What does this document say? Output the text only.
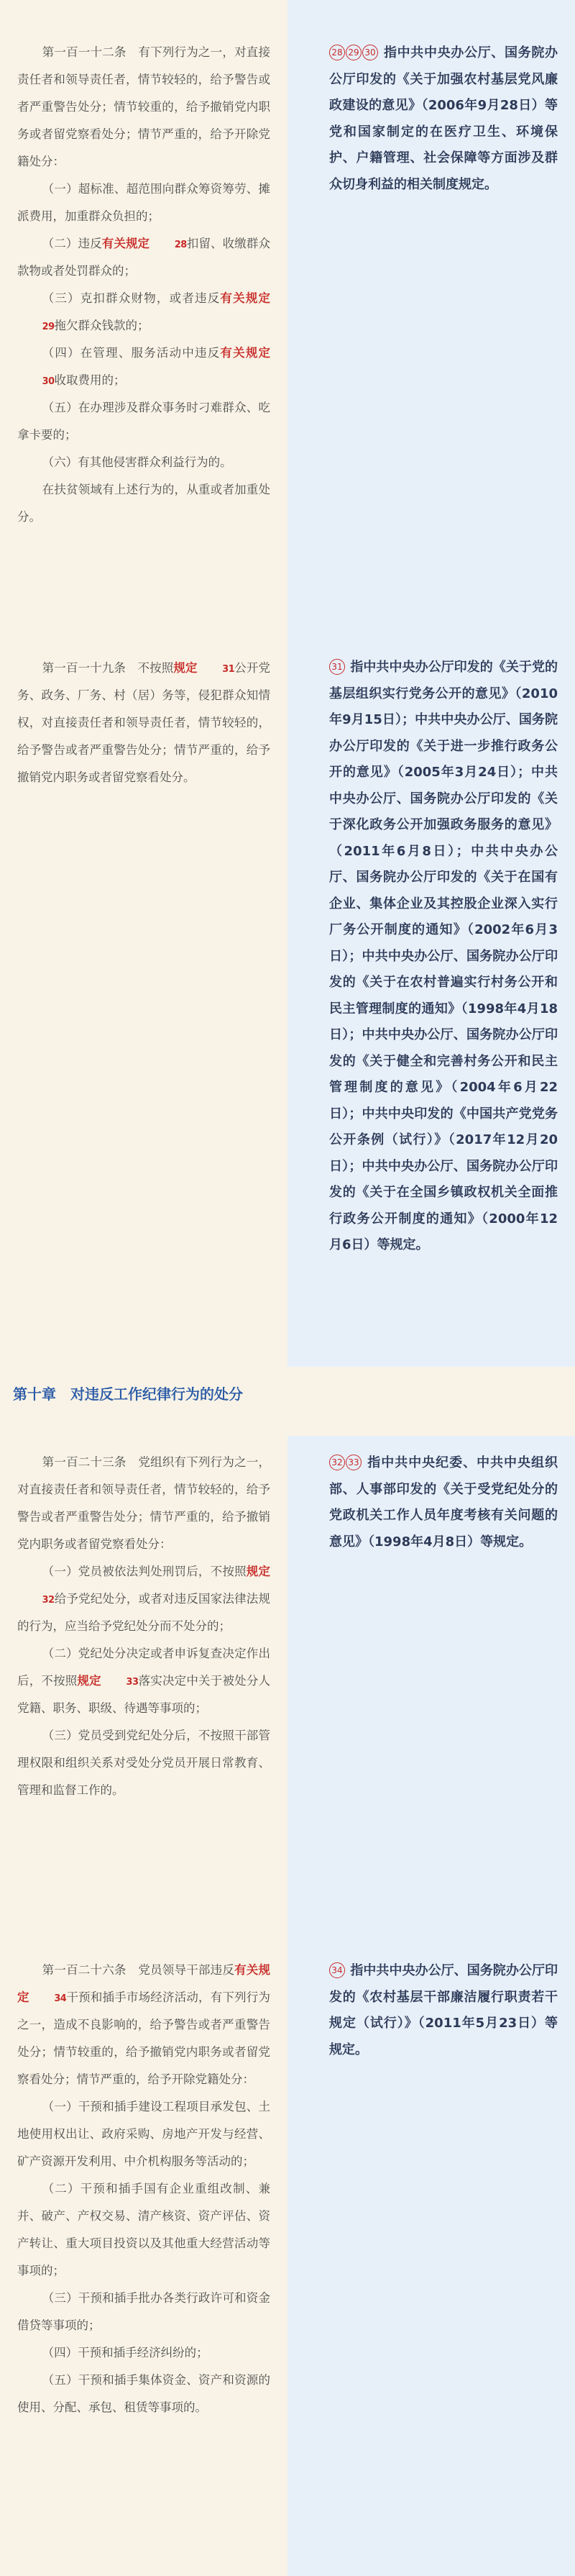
第一百一十二条　有下列行为之一，对直接责任者和领导责任者，情节较轻的，给予警告或者严重警告处分；情节较重的，给予撤销党内职务或者留党察看处分；情节严重的，给予开除党籍处分：

（一）超标准、超范围向群众筹资筹劳、摊派费用，加重群众负担的；

（二）违反有关规定	28扣留、收缴群众款物或者处罚群众的；

（三）克扣群众财物，或者违反有关规定29拖欠群众钱款的；

（四）在管理、服务活动中违反有关规定30收取费用的；

（五）在办理涉及群众事务时刁难群众、吃拿卡要的；

（六）有其他侵害群众利益行为的。

在扶贫领域有上述行为的，从重或者加重处分。

28 29 30 指中共中央办公厅、国务院办公厅印发的《关于加强农村基层党风廉政建设的意见》（2006年9月28日）等党和国家制定的在医疗卫生、环境保护、户籍管理、社会保障等方面涉及群众切身利益的相关制度规定。

第一百一十九条　不按照规定	31公开党务、政务、厂务、村（居）务等，侵犯群众知情权，对直接责任者和领导责任者，情节较轻的，给予警告或者严重警告处分；情节严重的，给予撤销党内职务或者留党察看处分。

31 指中共中央办公厅印发的《关于党的基层组织实行党务公开的意见》（2010年9月15日）；中共中央办公厅、国务院办公厅印发的《关于进一步推行政务公开的意见》（2005年3月24日）；中共中央办公厅、国务院办公厅印发的《关于深化政务公开加强政务服务的意见》（2011年6月8日）；中共中央办公厅、国务院办公厅印发的《关于在国有企业、集体企业及其控股企业深入实行厂务公开制度的通知》（2002年6月3日）；中共中央办公厅、国务院办公厅印发的《关于在农村普遍实行村务公开和民主管理制度的通知》（1998年4月18日）；中共中央办公厅、国务院办公厅印发的《关于健全和完善村务公开和民主管理制度的意见》（2004年6月22日）；中共中央印发的《中国共产党党务公开条例（试行）》（2017年12月20日）；中共中央办公厅、国务院办公厅印发的《关于在全国乡镇政权机关全面推行政务公开制度的通知》（2000年12月6日）等规定。

第十章　对违反工作纪律行为的处分

第一百二十三条　党组织有下列行为之一，对直接责任者和领导责任者，情节较轻的，给予警告或者严重警告处分；情节严重的，给予撤销党内职务或者留党察看处分：

（一）党员被依法判处刑罚后，不按照规定32给予党纪处分，或者对违反国家法律法规的行为，应当给予党纪处分而不处分的；

（二）党纪处分决定或者申诉复查决定作出后，不按照规定	33落实决定中关于被处分人党籍、职务、职级、待遇等事项的；

（三）党员受到党纪处分后，不按照干部管理权限和组织关系对受处分党员开展日常教育、管理和监督工作的。

32 33 指中共中央纪委、中共中央组织部、人事部印发的《关于受党纪处分的党政机关工作人员年度考核有关问题的意见》（1998年4月8日）等规定。

第一百二十六条　党员领导干部违反有关规定	34干预和插手市场经济活动，有下列行为之一，造成不良影响的，给予警告或者严重警告处分；情节较重的，给予撤销党内职务或者留党察看处分；情节严重的，给予开除党籍处分：

（一）干预和插手建设工程项目承发包、土地使用权出让、政府采购、房地产开发与经营、矿产资源开发利用、中介机构服务等活动的；

（二）干预和插手国有企业重组改制、兼并、破产、产权交易、清产核资、资产评估、资产转让、重大项目投资以及其他重大经营活动等事项的；

（三）干预和插手批办各类行政许可和资金借贷等事项的；

（四）干预和插手经济纠纷的；

（五）干预和插手集体资金、资产和资源的使用、分配、承包、租赁等事项的。

34 指中共中央办公厅、国务院办公厅印发的《农村基层干部廉洁履行职责若干规定（试行）》（2011年5月23日）等规定。
